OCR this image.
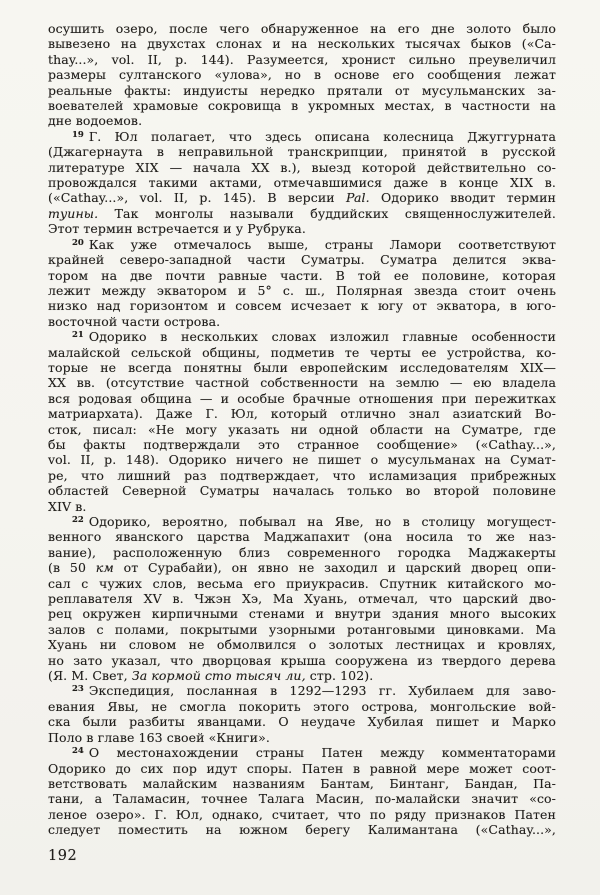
осушить озеро, после чего обнаруженное на его дне золото было
вывезено на двухстах слонах и на нескольких тысячах быков («Ca-
thay...», vol. II, p. 144). Разумеется, хронист сильно преувеличил
размеры султанского «улова», но в основе его сообщения лежат
реальные факты: индуисты нередко прятали от мусульманских за-
воевателей храмовые сокровища в укромных местах, в частности на
дне водоемов.
$^{19}$ Г. Юл полагает, что здесь описана колесница Джуггурната
(Джагернаута в неправильной транскрипции, принятой в русской
литературе XIX — начала XX в.), выезд которой действительно со-
провождался такими актами, отмечавшимися даже в конце XIX в.
(«Cathay...», vol. II, p. 145). В версии Pal. Одорико вводит термин
туины. Так монголы называли буддийских священнослужителей.
Этот термин встречается и у Рубрука.
$^{20}$ Как уже отмечалось выше, страны Ламори соответствуют
крайней северо-западной части Суматры. Суматра делится эква-
тором на две почти равные части. В той ее половине, которая
лежит между экватором и 5° с. ш., Полярная звезда стоит очень
низко над горизонтом и совсем исчезает к югу от экватора, в юго-
восточной части острова.
$^{21}$ Одорико в нескольких словах изложил главные особенности
малайской сельской общины, подметив те черты ее устройства, ко-
торые не всегда понятны были европейским исследователям XIX—
XX вв. (отсутствие частной собственности на землю — ею владела
вся родовая община — и особые брачные отношения при пережитках
матриархата). Даже Г. Юл, который отлично знал азиатский Во-
сток, писал: «Не могу указать ни одной области на Суматре, где
бы факты подтверждали это странное сообщение» («Cathay...»,
vol. II, p. 148). Одорико ничего не пишет о мусульманах на Сумат-
ре, что лишний раз подтверждает, что исламизация прибрежных
областей Северной Суматры началась только во второй половине
XIV в.
$^{22}$ Одорико, вероятно, побывал на Яве, но в столицу могущест-
венного яванского царства Маджапахит (она носила то же наз-
вание), расположенную близ современного городка Маджакерты
(в 50 км от Сурабайи), он явно не заходил и царский дворец опи-
сал с чужих слов, весьма его приукрасив. Спутник китайского мо-
реплавателя XV в. Чжэн Хэ, Ма Хуань, отмечал, что царский дво-
рец окружен кирпичными стенами и внутри здания много высоких
залов с полами, покрытыми узорными ротанговыми циновками. Ма
Хуань ни словом не обмолвился о золотых лестницах и кровлях,
но зато указал, что дворцовая крыша сооружена из твердого дерева
(Я. М. Свет, За кормой сто тысяч ли, стр. 102).
$^{23}$ Экспедиция, посланная в 1292—1293 гг. Хубилаем для заво-
евания Явы, не смогла покорить этого острова, монгольские вой-
ска были разбиты яванцами. О неудаче Хубилая пишет и Марко
Поло в главе 163 своей «Книги».
$^{24}$ О местонахождении страны Патен между комментаторами
Одорико до сих пор идут споры. Патен в равной мере может соот-
ветствовать малайским названиям Бантам, Бинтанг, Бандан, Па-
тани, а Таламасин, точнее Талага Масин, по-малайски значит «со-
леное озеро». Г. Юл, однако, считает, что по ряду признаков Патен
следует поместить на южном берегу Калимантана («Cathay...»,
192
